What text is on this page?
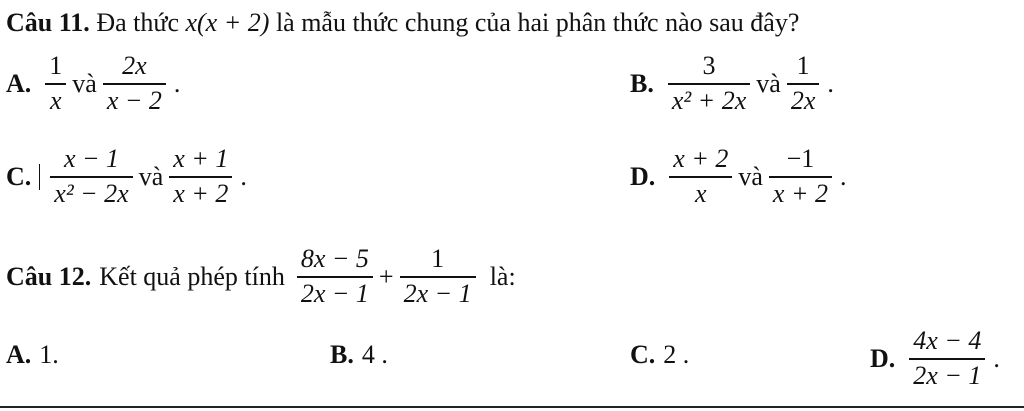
Câu 11. Đa thức x(x + 2) là mẫu thức chung của hai phân thức nào sau đây?
A. $\frac{1}{x}$ và $\frac{2x}{x - 2}$ .	B. $\frac{3}{\text{x² + 2x}}$ và $\frac{1}{2x}$ .
C. $\frac{x - 1}{\text{x² − 2x}}$ và $\frac{x + 1}{x + 2}$ .	D. $\frac{x + 2}{x}$ và $\frac{-1}{x + 2}$ .
Câu 12. Kết quả phép tính $\frac{8x - 5}{2x - 1} + \frac{1}{2x - 1}$ là:
A. 1.	B. 4 .	C. 2 .	D. $\frac{4x - 4}{2x - 1}$ .
